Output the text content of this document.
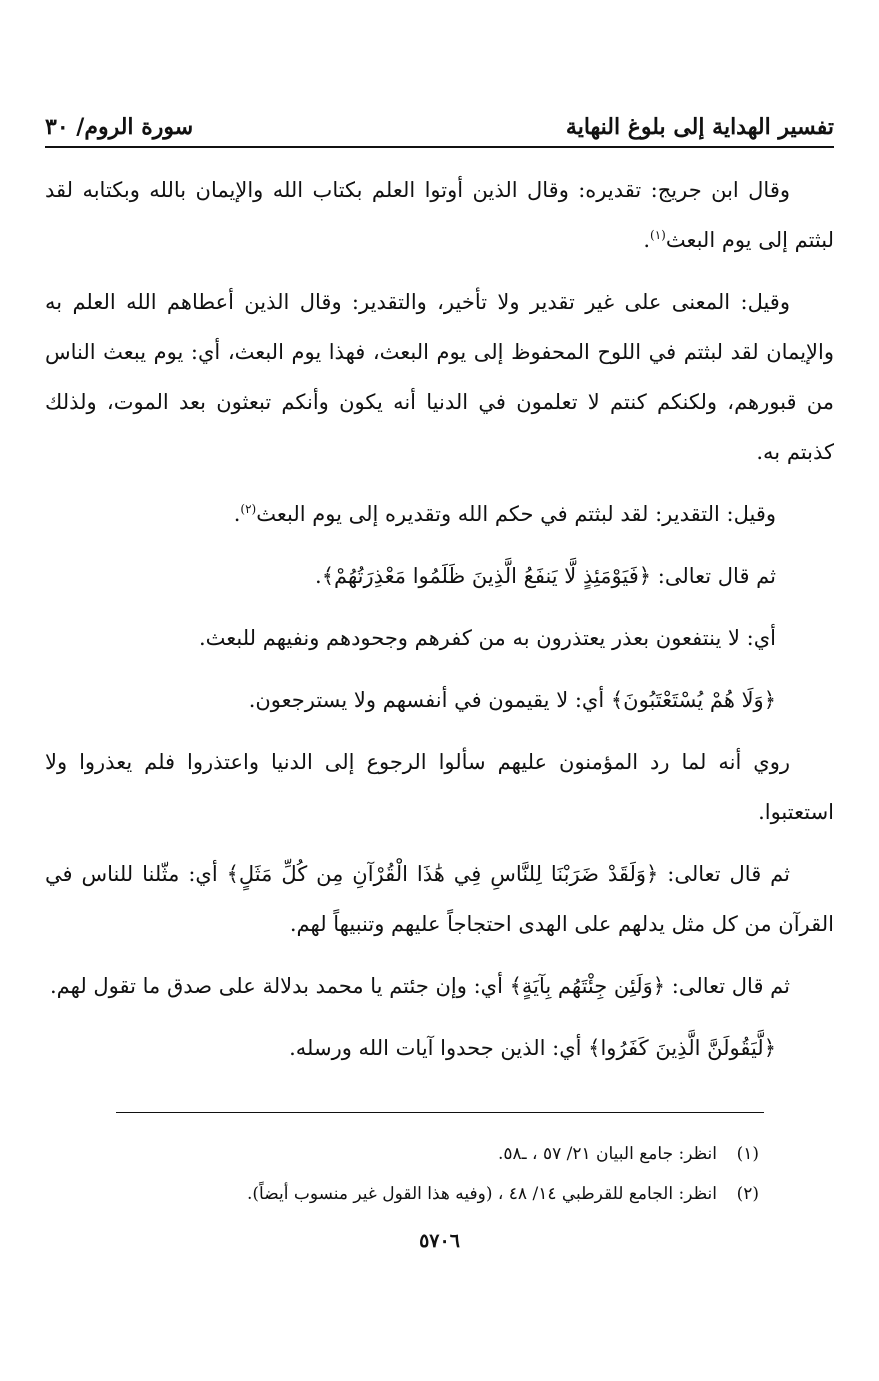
تفسير الهداية إلى بلوغ النهاية
سورة الروم/ ٣٠

وقال ابن جريج: تقديره: وقال الذين أوتوا العلم بكتاب الله والإيمان بالله وبكتابه لقد لبثتم إلى يوم البعث$^{(١)}$.

وقيل: المعنى على غير تقدير ولا تأخير، والتقدير: وقال الذين أعطاهم الله العلم به والإيمان لقد لبثتم في اللوح المحفوظ إلى يوم البعث، فهذا يوم البعث، أي: يوم يبعث الناس من قبورهم، ولكنكم كنتم لا تعلمون في الدنيا أنه يكون وأنكم تبعثون بعد الموت، ولذلك كذبتم به.

وقيل: التقدير: لقد لبثتم في حكم الله وتقديره إلى يوم البعث$^{(٢)}$.

ثم قال تعالى: ﴿فَيَوْمَئِذٍ لَّا يَنفَعُ الَّذِينَ ظَلَمُوا مَعْذِرَتُهُمْ﴾.

أي: لا ينتفعون بعذر يعتذرون به من كفرهم وجحودهم ونفيهم للبعث.

﴿وَلَا هُمْ يُسْتَعْتَبُونَ﴾ أي: لا يقيمون في أنفسهم ولا يسترجعون.

روي أنه لما رد المؤمنون عليهم سألوا الرجوع إلى الدنيا واعتذروا فلم يعذروا ولا استعتبوا.

ثم قال تعالى: ﴿وَلَقَدْ ضَرَبْنَا لِلنَّاسِ فِي هَٰذَا الْقُرْآنِ مِن كُلِّ مَثَلٍ﴾ أي: مثّلنا للناس في القرآن من كل مثل يدلهم على الهدى احتجاجاً عليهم وتنبيهاً لهم.

ثم قال تعالى: ﴿وَلَئِن جِئْتَهُم بِآيَةٍ﴾ أي: وإن جئتم يا محمد بدلالة على صدق ما تقول لهم.

﴿لَّيَقُولَنَّ الَّذِينَ كَفَرُوا﴾ أي: الذين جحدوا آيات الله ورسله.

(١)
انظر: جامع البيان ٢١/ ٥٧ ، ـ٥٨.
(٢)
انظر: الجامع للقرطبي ١٤/ ٤٨ ، (وفيه هذا القول غير منسوب أيضاً).
٥٧٠٦
